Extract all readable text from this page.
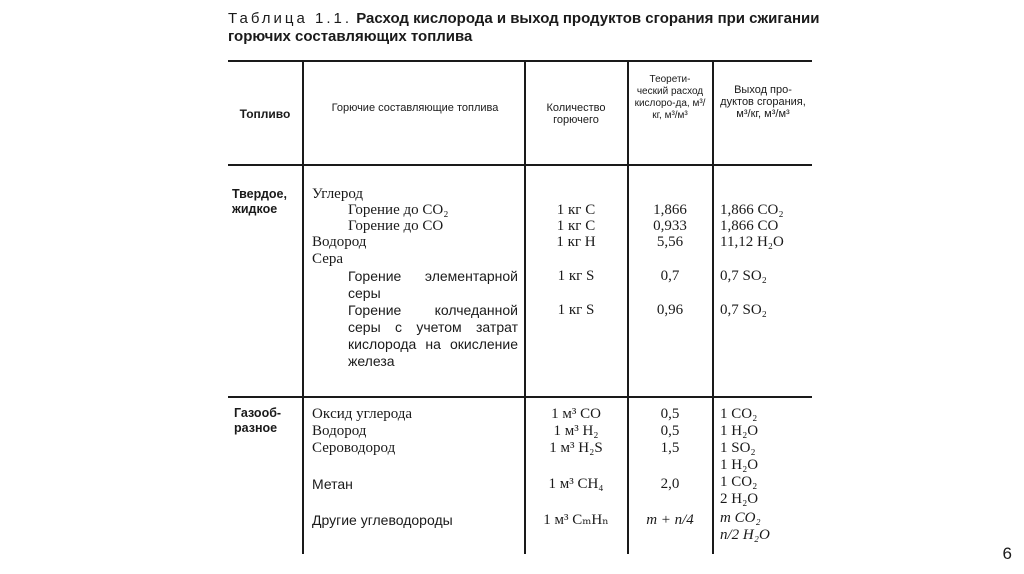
Таблица 1.1. Расход кислорода и выход продуктов сгорания при сжигании горючих составляющих топлива
Топливо	Горючие составляющие топлива	Количество горючего
Теорети-ческий расход кислоро-да, м³/кг, м³/м³
Выход про-дуктов сгорания, м³/кг, м³/м³
Твердое, жидкое
Газооб-разное
Углерод
Горение до CO₂
Горение до CO
Водород
Сера
Горение элементарной серы
Горение колчеданной серы с учетом затрат кислорода на окисление железа
Окcид углерода
Водород
Сероводород
Метан
Другие углеводороды
1 кг C
1 кг C
1 кг H
1 кг S
1 кг S
1 м³ CO
1 м³ H₂
1 м³ H₂S
1 м³ CH₄
1 м³ CₘHₙ
1,866
0,933
5,56
0,7
0,96
0,5
0,5
1,5
2,0
m + n/4
1,866 CO₂
1,866 CO
11,12 H₂O
0,7 SO₂
0,7 SO₂
1 CO₂
1 H₂O
1 SO₂
1 H₂O
1 CO₂
2 H₂O
m CO₂
n/2 H₂O
6
